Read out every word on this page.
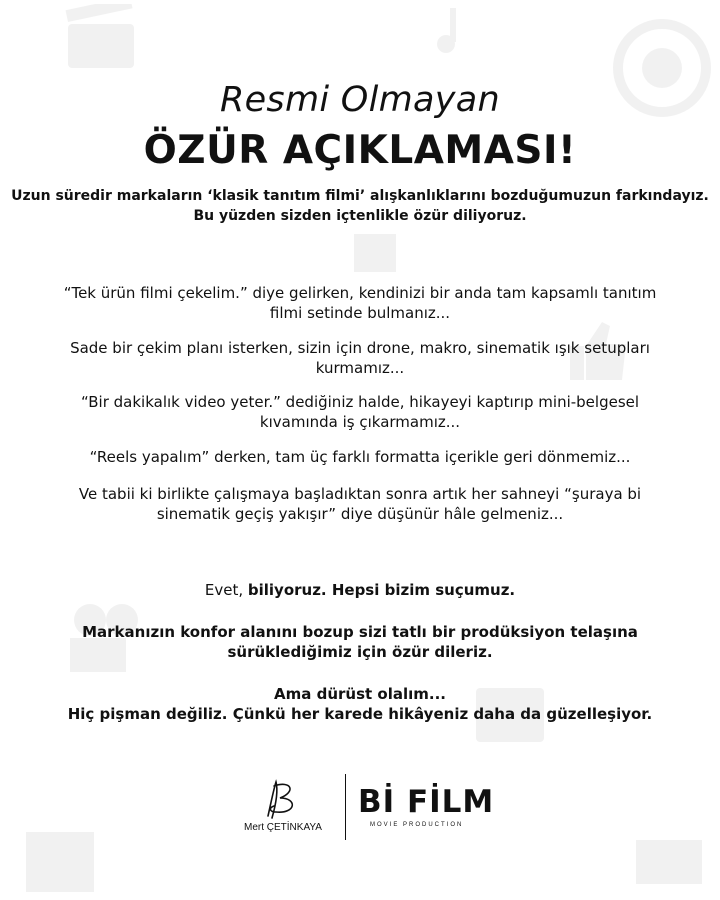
Resmi Olmayan
ÖZÜR AÇIKLAMASI!
Uzun süredir markaların ‘klasik tanıtım filmi’ alışkanlıklarını bozduğumuzun farkındayız.
Bu yüzden sizden içtenlikle özür diliyoruz.
“Tek ürün filmi çekelim.” diye gelirken, kendinizi bir anda tam kapsamlı tanıtım
filmi setinde bulmanız...
Sade bir çekim planı isterken, sizin için drone, makro, sinematik ışık setupları
kurmamız...
“Bir dakikalık video yeter.” dediğiniz halde, hikayeyi kaptırıp mini-belgesel
kıvamında iş çıkarmamız...
“Reels yapalım” derken, tam üç farklı formatta içerikle geri dönmemiz...
Ve tabii ki birlikte çalışmaya başladıktan sonra artık her sahneyi “şuraya bi
sinematik geçiş yakışır” diye düşünür hâle gelmeniz...
Evet, biliyoruz. Hepsi bizim suçumuz.
Markanızın konfor alanını bozup sizi tatlı bir prodüksiyon telaşına
sürüklediğimiz için özür dileriz.
Ama dürüst olalım...
Hiç pişman değiliz. Çünkü her karede hikâyeniz daha da güzelleşiyor.
Mert ÇETİNKAYA
Bİ FİLM
MOVIE PRODUCTION
